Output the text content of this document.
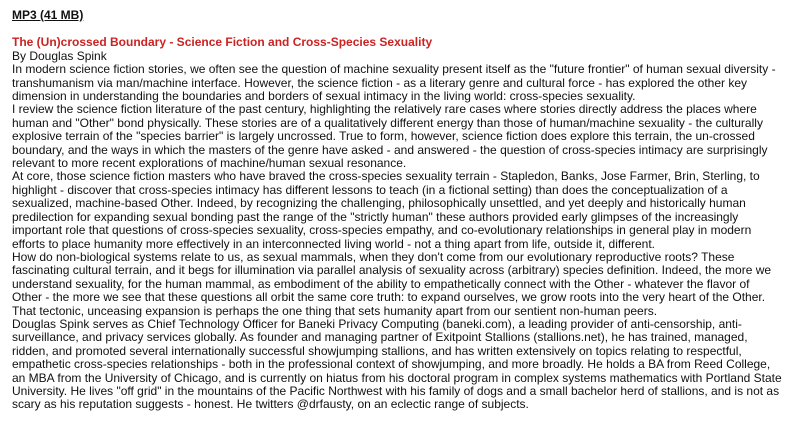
MP3 (41 MB)
The (Un)crossed Boundary - Science Fiction and Cross-Species Sexuality

By Douglas Spink

In modern science fiction stories, we often see the question of machine sexuality present itself as the "future frontier" of human sexual diversity - transhumanism via man/machine interface. However, the science fiction - as a literary genre and cultural force - has explored the other key dimension in understanding the boundaries and borders of sexual intimacy in the living world: cross-species sexuality.

I review the science fiction literature of the past century, highlighting the relatively rare cases where stories directly address the places where human and "Other" bond physically. These stories are of a qualitatively different energy than those of human/machine sexuality - the culturally explosive terrain of the "species barrier" is largely uncrossed. True to form, however, science fiction does explore this terrain, the un-crossed boundary, and the ways in which the masters of the genre have asked - and answered - the question of cross-species intimacy are surprisingly relevant to more recent explorations of machine/human sexual resonance.

At core, those science fiction masters who have braved the cross-species sexuality terrain - Stapledon, Banks, Jose Farmer, Brin, Sterling, to highlight - discover that cross-species intimacy has different lessons to teach (in a fictional setting) than does the conceptualization of a sexualized, machine-based Other. Indeed, by recognizing the challenging, philosophically unsettled, and yet deeply and historically human predilection for expanding sexual bonding past the range of the "strictly human" these authors provided early glimpses of the increasingly important role that questions of cross-species sexuality, cross-species empathy, and co-evolutionary relationships in general play in modern efforts to place humanity more effectively in an interconnected living world - not a thing apart from life, outside it, different.

How do non-biological systems relate to us, as sexual mammals, when they don't come from our evolutionary reproductive roots? These fascinating cultural terrain, and it begs for illumination via parallel analysis of sexuality across (arbitrary) species definition. Indeed, the more we understand sexuality, for the human mammal, as embodiment of the ability to empathetically connect with the Other - whatever the flavor of Other - the more we see that these questions all orbit the same core truth: to expand ourselves, we grow roots into the very heart of the Other. That tectonic, unceasing expansion is perhaps the one thing that sets humanity apart from our sentient non-human peers.

Douglas Spink serves as Chief Technology Officer for Baneki Privacy Computing (baneki.com), a leading provider of anti-censorship, anti-surveillance, and privacy services globally. As founder and managing partner of Exitpoint Stallions (stallions.net), he has trained, managed, ridden, and promoted several internationally successful showjumping stallions, and has written extensively on topics relating to respectful, empathetic cross-species relationships - both in the professional context of showjumping, and more broadly. He holds a BA from Reed College, an MBA from the University of Chicago, and is currently on hiatus from his doctoral program in complex systems mathematics with Portland State University. He lives "off grid" in the mountains of the Pacific Northwest with his family of dogs and a small bachelor herd of stallions, and is not as scary as his reputation suggests - honest. He twitters @drfausty, on an eclectic range of subjects.
